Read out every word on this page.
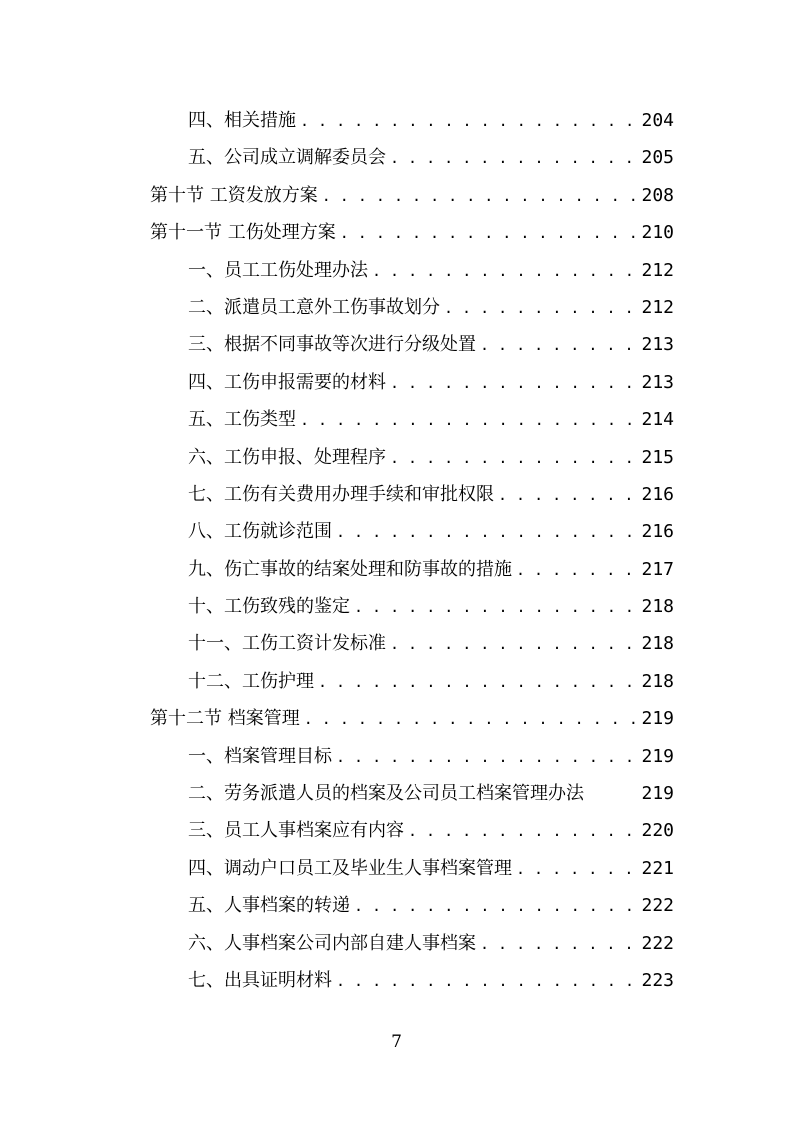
四、相关措施 . . .	204
五、公司成立调解委员会 . . .	205
第十节 工资发放方案 . . .	208
第十一节 工伤处理方案 . . .	210
一、员工工伤处理办法 . . .	212
二、派遣员工意外工伤事故划分 . . .	212
三、根据不同事故等次进行分级处置 . . .	213
四、工伤申报需要的材料 . . .	213
五、工伤类型 . . .	214
六、工伤申报、处理程序 . . .	215
七、工伤有关费用办理手续和审批权限 . . .	216
八、工伤就诊范围 . . .	216
九、伤亡事故的结案处理和防事故的措施 . . .	217
十、工伤致残的鉴定 . . .	218
十一、工伤工资计发标准 . . .	218
十二、工伤护理 . . .	218
第十二节 档案管理 . . .	219
一、档案管理目标 . . .	219
二、劳务派遣人员的档案及公司员工档案管理办法	219
三、员工人事档案应有内容 . . .	220
四、调动户口员工及毕业生人事档案管理 . . .	221
五、人事档案的转递 . . .	222
六、人事档案公司内部自建人事档案 . . .	222
七、出具证明材料 . . .	223
7
